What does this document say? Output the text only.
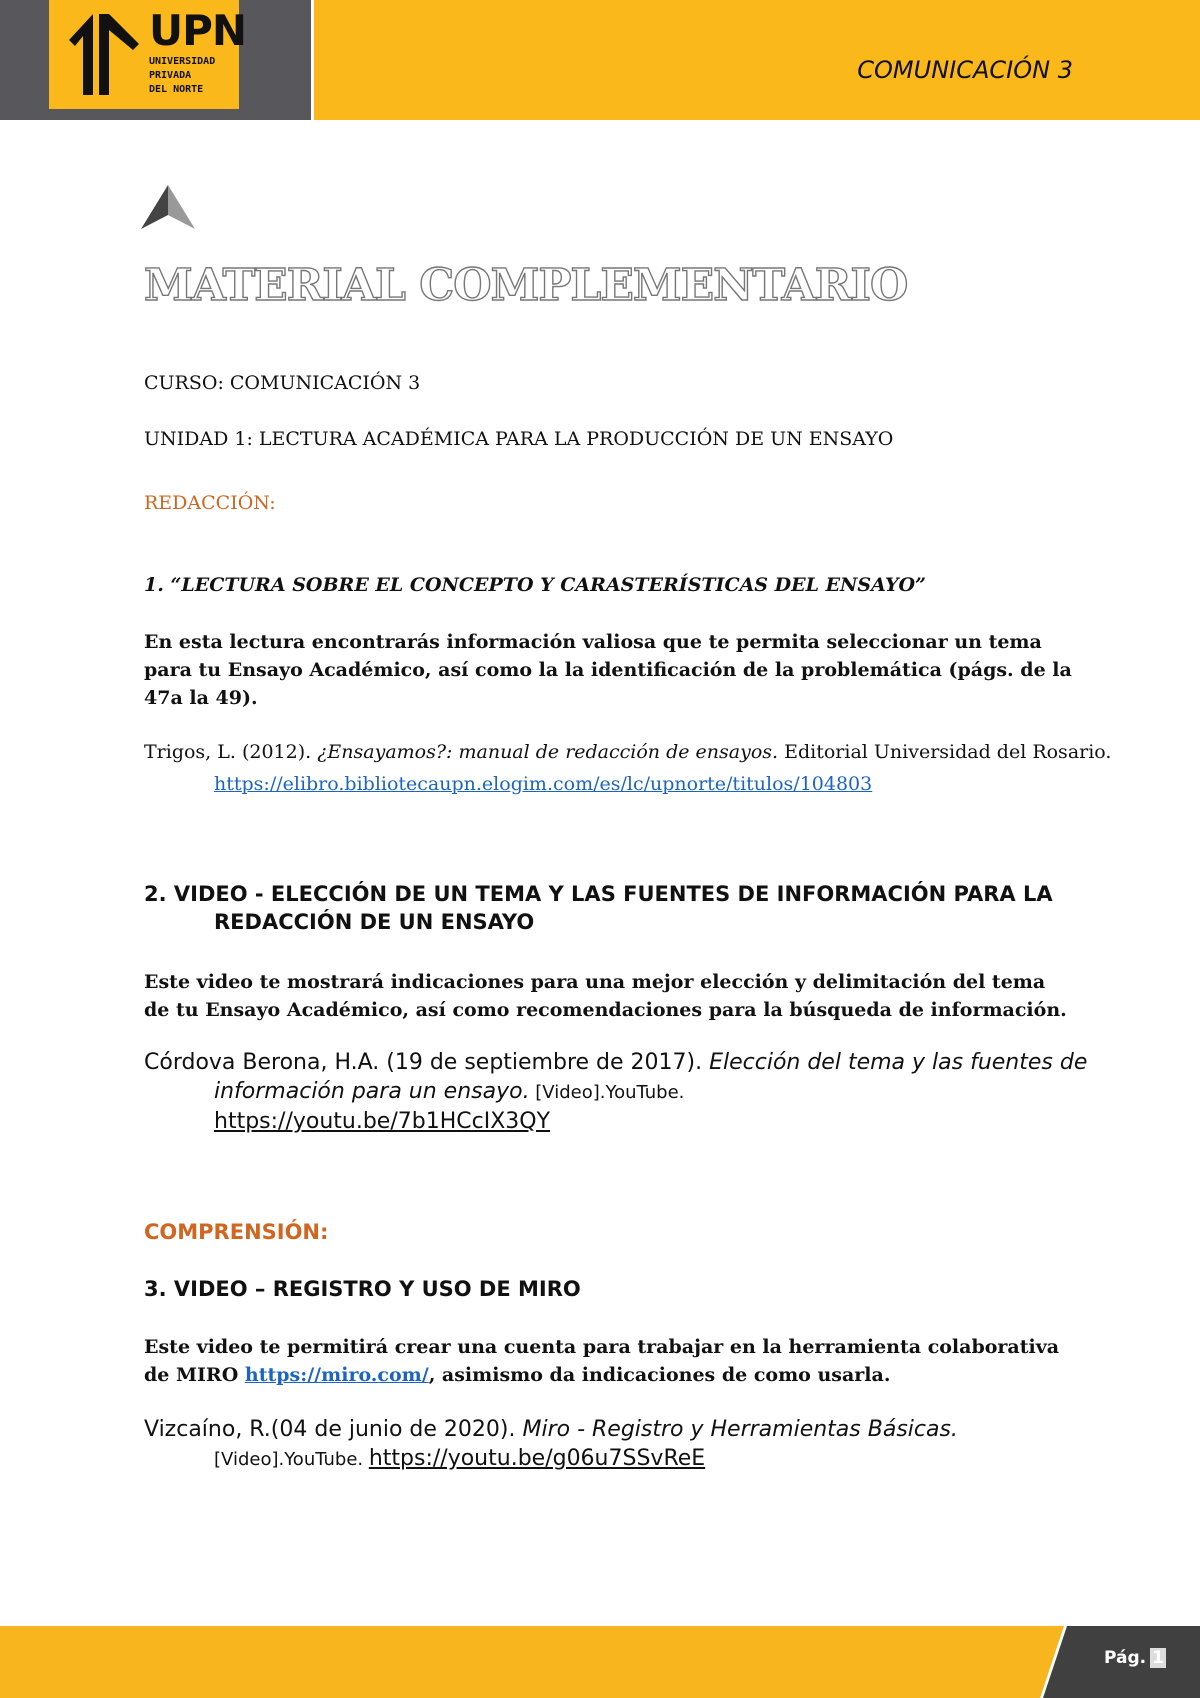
UPN
UNIVERSIDAD
PRIVADA
DEL NORTE
COMUNICACIÓN 3
MATERIAL COMPLEMENTARIO
CURSO: COMUNICACIÓN 3
UNIDAD 1: LECTURA ACADÉMICA PARA LA PRODUCCIÓN DE UN ENSAYO
REDACCIÓN:
1. “LECTURA SOBRE EL CONCEPTO Y CARASTERÍSTICAS DEL ENSAYO”
En esta lectura encontrarás información valiosa que te permita seleccionar un tema para tu Ensayo Académico, así como la la identificación de la problemática (págs. de la 47a la 49).
Trigos, L. (2012). ¿Ensayamos?: manual de redacción de ensayos. Editorial Universidad del Rosario. https://elibro.bibliotecaupn.elogim.com/es/lc/upnorte/titulos/104803
2. VIDEO - ELECCIÓN DE UN TEMA Y LAS FUENTES DE INFORMACIÓN PARA LA REDACCIÓN DE UN ENSAYO
Este video te mostrará indicaciones para una mejor elección y delimitación del tema de tu Ensayo Académico, así como recomendaciones para la búsqueda de información.
Córdova Berona, H.A. (19 de septiembre de 2017). Elección del tema y las fuentes de información para un ensayo. [Video].YouTube.
https://youtu.be/7b1HCcIX3QY
COMPRENSIÓN:
3. VIDEO – REGISTRO Y USO DE MIRO
Este video te permitirá crear una cuenta para trabajar en la herramienta colaborativa de MIRO https://miro.com/, asimismo da indicaciones de como usarla.
Vizcaíno, R.(04 de junio de 2020). Miro - Registro y Herramientas Básicas.
[Video].YouTube. https://youtu.be/g06u7SSvReE
Pág. 1
